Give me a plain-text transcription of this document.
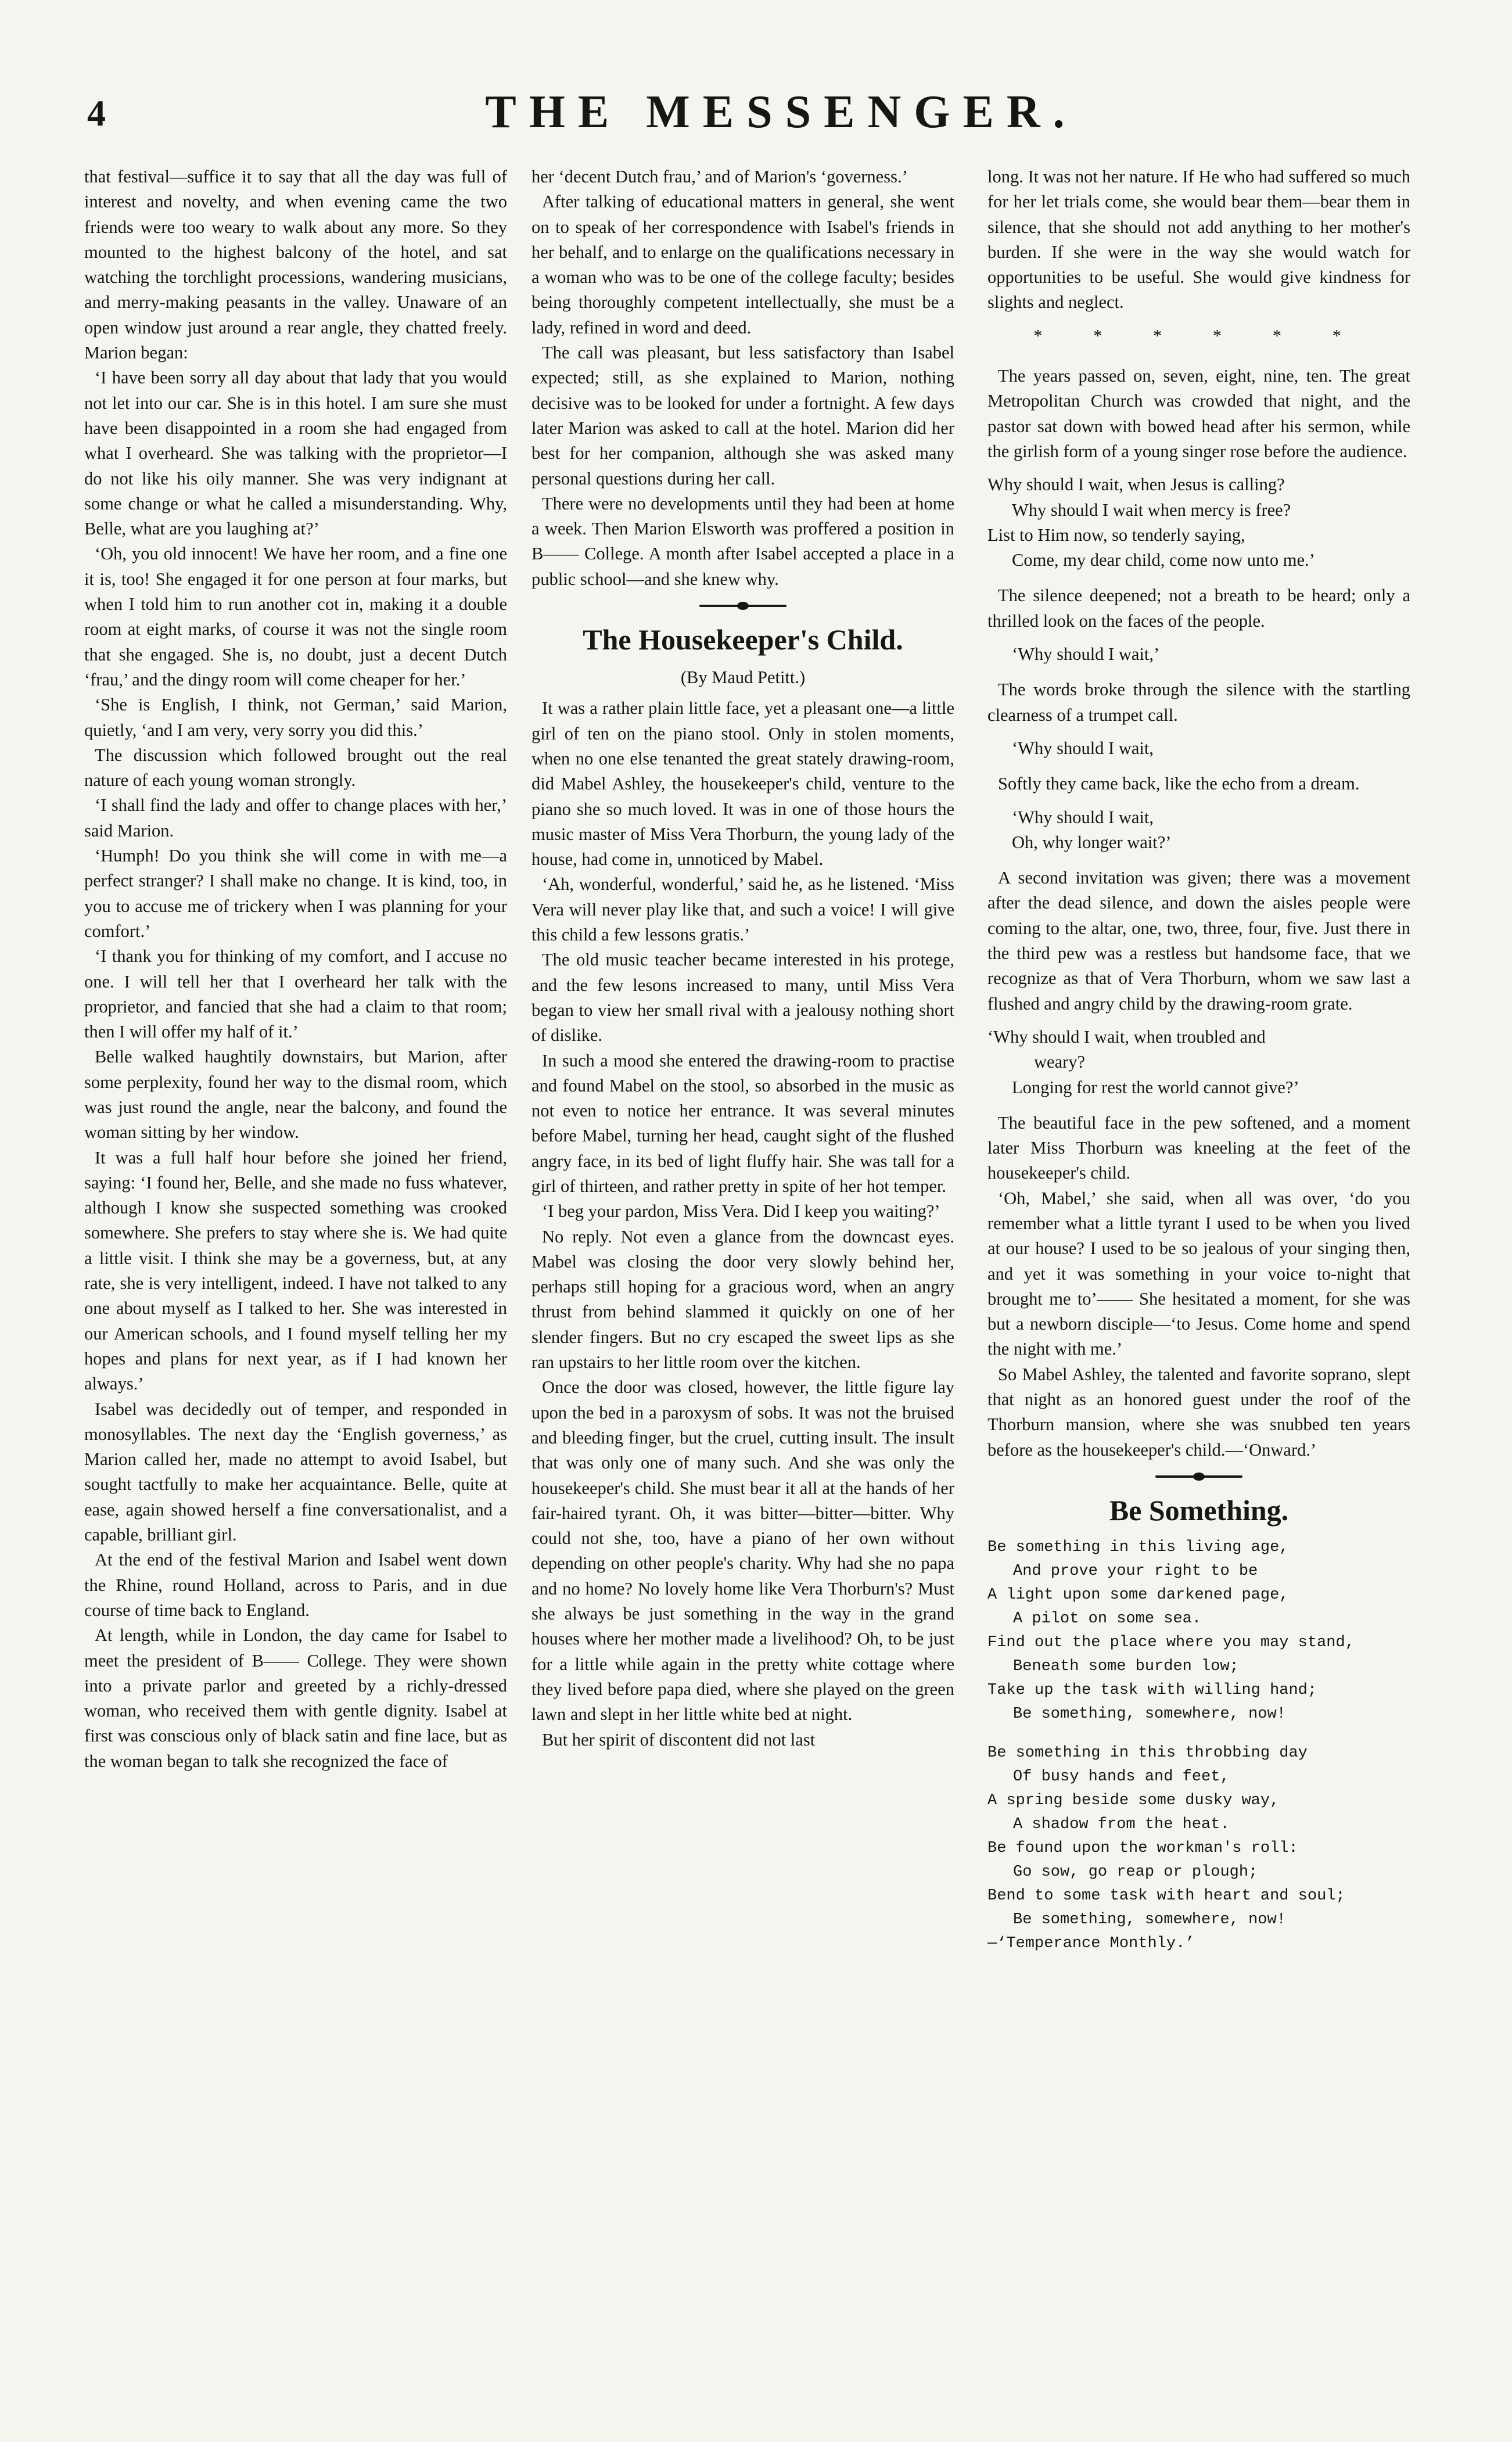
4	THE MESSENGER.

that festival—suffice it to say that all the day was full of interest and novelty, and when evening came the two friends were too weary to walk about any more. So they mounted to the highest balcony of the hotel, and sat watching the torchlight processions, wandering musicians, and merry-making peasants in the valley. Unaware of an open window just around a rear angle, they chatted freely. Marion began:

‘I have been sorry all day about that lady that you would not let into our car. She is in this hotel. I am sure she must have been disappointed in a room she had engaged from what I overheard. She was talking with the proprietor—I do not like his oily manner. She was very indignant at some change or what he called a misunderstanding. Why, Belle, what are you laughing at?’

‘Oh, you old innocent! We have her room, and a fine one it is, too! She engaged it for one person at four marks, but when I told him to run another cot in, making it a double room at eight marks, of course it was not the single room that she engaged. She is, no doubt, just a decent Dutch ‘frau,’ and the dingy room will come cheaper for her.’

‘She is English, I think, not German,’ said Marion, quietly, ‘and I am very, very sorry you did this.’

The discussion which followed brought out the real nature of each young woman strongly.

‘I shall find the lady and offer to change places with her,’ said Marion.

‘Humph! Do you think she will come in with me—a perfect stranger? I shall make no change. It is kind, too, in you to accuse me of trickery when I was planning for your comfort.’

‘I thank you for thinking of my comfort, and I accuse no one. I will tell her that I overheard her talk with the proprietor, and fancied that she had a claim to that room; then I will offer my half of it.’

Belle walked haughtily downstairs, but Marion, after some perplexity, found her way to the dismal room, which was just round the angle, near the balcony, and found the woman sitting by her window.

It was a full half hour before she joined her friend, saying: ‘I found her, Belle, and she made no fuss whatever, although I know she suspected something was crooked somewhere. She prefers to stay where she is. We had quite a little visit. I think she may be a governess, but, at any rate, she is very intelligent, indeed. I have not talked to any one about myself as I talked to her. She was interested in our American schools, and I found myself telling her my hopes and plans for next year, as if I had known her always.’

Isabel was decidedly out of temper, and responded in monosyllables. The next day the ‘English governess,’ as Marion called her, made no attempt to avoid Isabel, but sought tactfully to make her acquaintance. Belle, quite at ease, again showed herself a fine conversationalist, and a capable, brilliant girl.

At the end of the festival Marion and Isabel went down the Rhine, round Holland, across to Paris, and in due course of time back to England.

At length, while in London, the day came for Isabel to meet the president of B—— College. They were shown into a private parlor and greeted by a richly-dressed woman, who received them with gentle dignity. Isabel at first was conscious only of black satin and fine lace, but as the woman began to talk she recognized the face of

her ‘decent Dutch frau,’ and of Marion's ‘governess.’

After talking of educational matters in general, she went on to speak of her correspondence with Isabel's friends in her behalf, and to enlarge on the qualifications necessary in a woman who was to be one of the college faculty; besides being thoroughly competent intellectually, she must be a lady, refined in word and deed.

The call was pleasant, but less satisfactory than Isabel expected; still, as she explained to Marion, nothing decisive was to be looked for under a fortnight. A few days later Marion was asked to call at the hotel. Marion did her best for her companion, although she was asked many personal questions during her call.

There were no developments until they had been at home a week. Then Marion Elsworth was proffered a position in B—— College. A month after Isabel accepted a place in a public school—and she knew why.

The Housekeeper's Child.
(By Maud Petitt.)

It was a rather plain little face, yet a pleasant one—a little girl of ten on the piano stool. Only in stolen moments, when no one else tenanted the great stately drawing-room, did Mabel Ashley, the housekeeper's child, venture to the piano she so much loved. It was in one of those hours the music master of Miss Vera Thorburn, the young lady of the house, had come in, unnoticed by Mabel.

‘Ah, wonderful, wonderful,’ said he, as he listened. ‘Miss Vera will never play like that, and such a voice! I will give this child a few lessons gratis.’

The old music teacher became interested in his protege, and the few lesons increased to many, until Miss Vera began to view her small rival with a jealousy nothing short of dislike.

In such a mood she entered the drawing-room to practise and found Mabel on the stool, so absorbed in the music as not even to notice her entrance. It was several minutes before Mabel, turning her head, caught sight of the flushed angry face, in its bed of light fluffy hair. She was tall for a girl of thirteen, and rather pretty in spite of her hot temper.

‘I beg your pardon, Miss Vera. Did I keep you waiting?’

No reply. Not even a glance from the downcast eyes. Mabel was closing the door very slowly behind her, perhaps still hoping for a gracious word, when an angry thrust from behind slammed it quickly on one of her slender fingers. But no cry escaped the sweet lips as she ran upstairs to her little room over the kitchen.

Once the door was closed, however, the little figure lay upon the bed in a paroxysm of sobs. It was not the bruised and bleeding finger, but the cruel, cutting insult. The insult that was only one of many such. And she was only the housekeeper's child. She must bear it all at the hands of her fair-haired tyrant. Oh, it was bitter—bitter—bitter. Why could not she, too, have a piano of her own without depending on other people's charity. Why had she no papa and no home? No lovely home like Vera Thorburn's? Must she always be just something in the way in the grand houses where her mother made a livelihood? Oh, to be just for a little while again in the pretty white cottage where they lived before papa died, where she played on the green lawn and slept in her little white bed at night.

But her spirit of discontent did not last

long. It was not her nature. If He who had suffered so much for her let trials come, she would bear them—bear them in silence, that she should not add anything to her mother's burden. If she were in the way she would watch for opportunities to be useful. She would give kindness for slights and neglect.

* * * * * *

The years passed on, seven, eight, nine, ten. The great Metropolitan Church was crowded that night, and the pastor sat down with bowed head after his sermon, while the girlish form of a young singer rose before the audience.

Why should I wait, when Jesus is calling?
Why should I wait when mercy is free?
List to Him now, so tenderly saying,
Come, my dear child, come now unto me.’

The silence deepened; not a breath to be heard; only a thrilled look on the faces of the people.

‘Why should I wait,’

The words broke through the silence with the startling clearness of a trumpet call.

‘Why should I wait,

Softly they came back, like the echo from a dream.

‘Why should I wait,
Oh, why longer wait?’

A second invitation was given; there was a movement after the dead silence, and down the aisles people were coming to the altar, one, two, three, four, five. Just there in the third pew was a restless but handsome face, that we recognize as that of Vera Thorburn, whom we saw last a flushed and angry child by the drawing-room grate.

‘Why should I wait, when troubled and
weary?
Longing for rest the world cannot give?’

The beautiful face in the pew softened, and a moment later Miss Thorburn was kneeling at the feet of the housekeeper's child.

‘Oh, Mabel,’ she said, when all was over, ‘do you remember what a little tyrant I used to be when you lived at our house? I used to be so jealous of your singing then, and yet it was something in your voice to-night that brought me to’—— She hesitated a moment, for she was but a newborn disciple—‘to Jesus. Come home and spend the night with me.’

So Mabel Ashley, the talented and favorite soprano, slept that night as an honored guest under the roof of the Thorburn mansion, where she was snubbed ten years before as the housekeeper's child.—‘Onward.’

Be Something.
Be something in this living age,
And prove your right to be
A light upon some darkened page,
A pilot on some sea.
Find out the place where you may stand,
Beneath some burden low;
Take up the task with willing hand;
Be something, somewhere, now!
Be something in this throbbing day
Of busy hands and feet,
A spring beside some dusky way,
A shadow from the heat.
Be found upon the workman's roll:
Go sow, go reap or plough;
Bend to some task with heart and soul;
Be something, somewhere, now!
—‘Temperance Monthly.’
